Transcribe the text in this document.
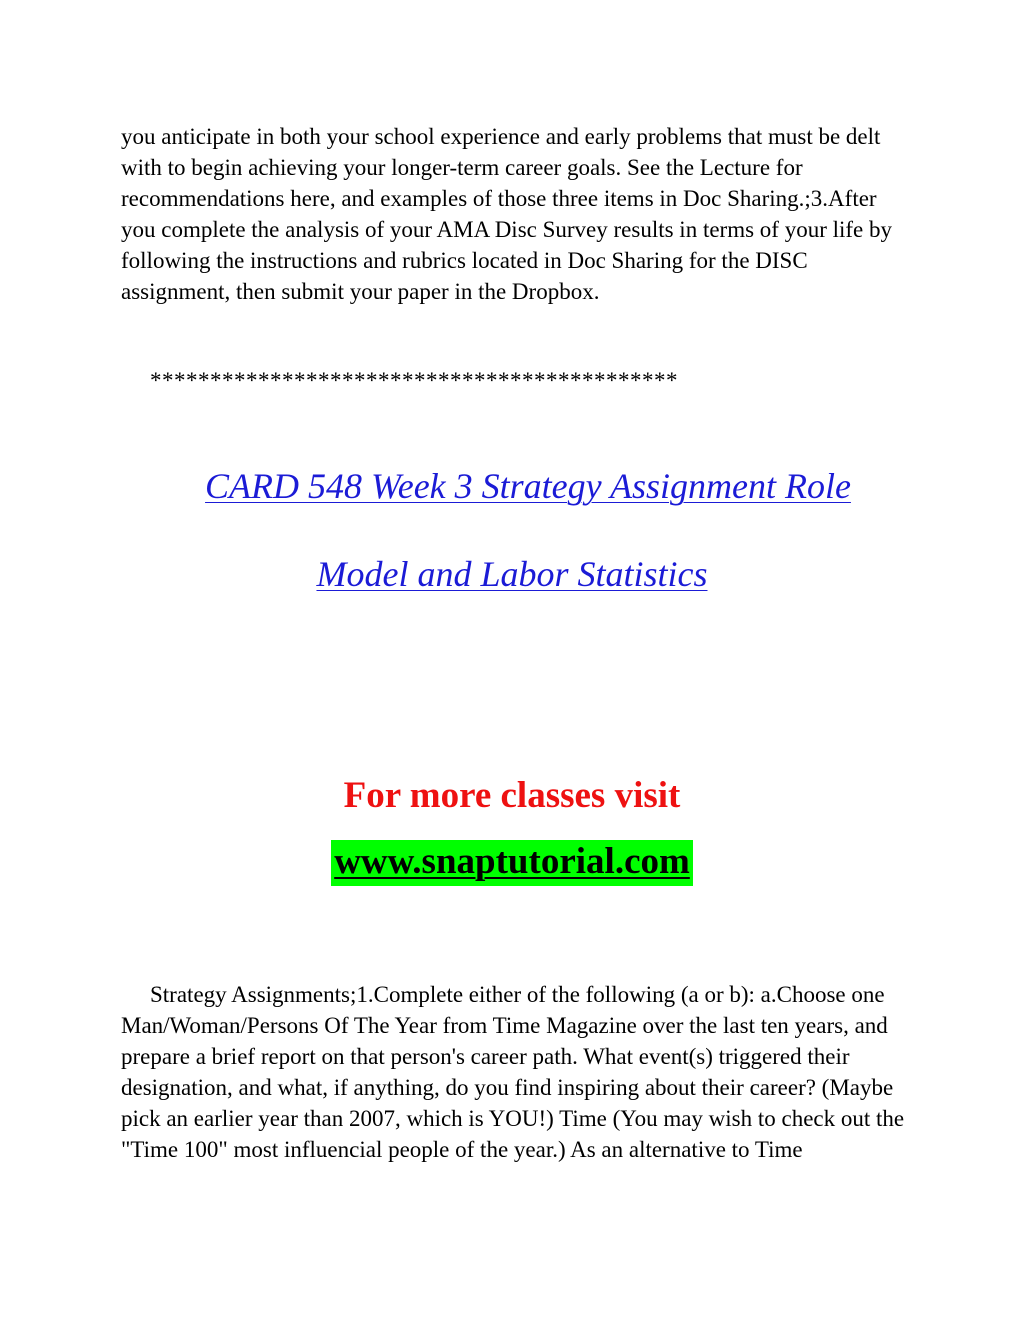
you anticipate in both your school experience and early problems that must be delt with to begin achieving your longer-term career goals. See the Lecture for recommendations here, and examples of those three items in Doc Sharing.;3.After you complete the analysis of your AMA Disc Survey results in terms of your life by following the instructions and rubrics located in Doc Sharing for the DISC assignment, then submit your paper in the Dropbox.

********************************************

CARD 548 Week 3 Strategy Assignment Role

Model and Labor Statistics

For more classes visit

www.snaptutorial.com

Strategy Assignments;1.Complete either of the following (a or b): a.Choose one Man/Woman/Persons Of The Year from Time Magazine over the last ten years, and prepare a brief report on that person's career path. What event(s) triggered their designation, and what, if anything, do you find inspiring about their career? (Maybe pick an earlier year than 2007, which is YOU!) Time (You may wish to check out the "Time 100" most influencial people of the year.) As an alternative to Time
